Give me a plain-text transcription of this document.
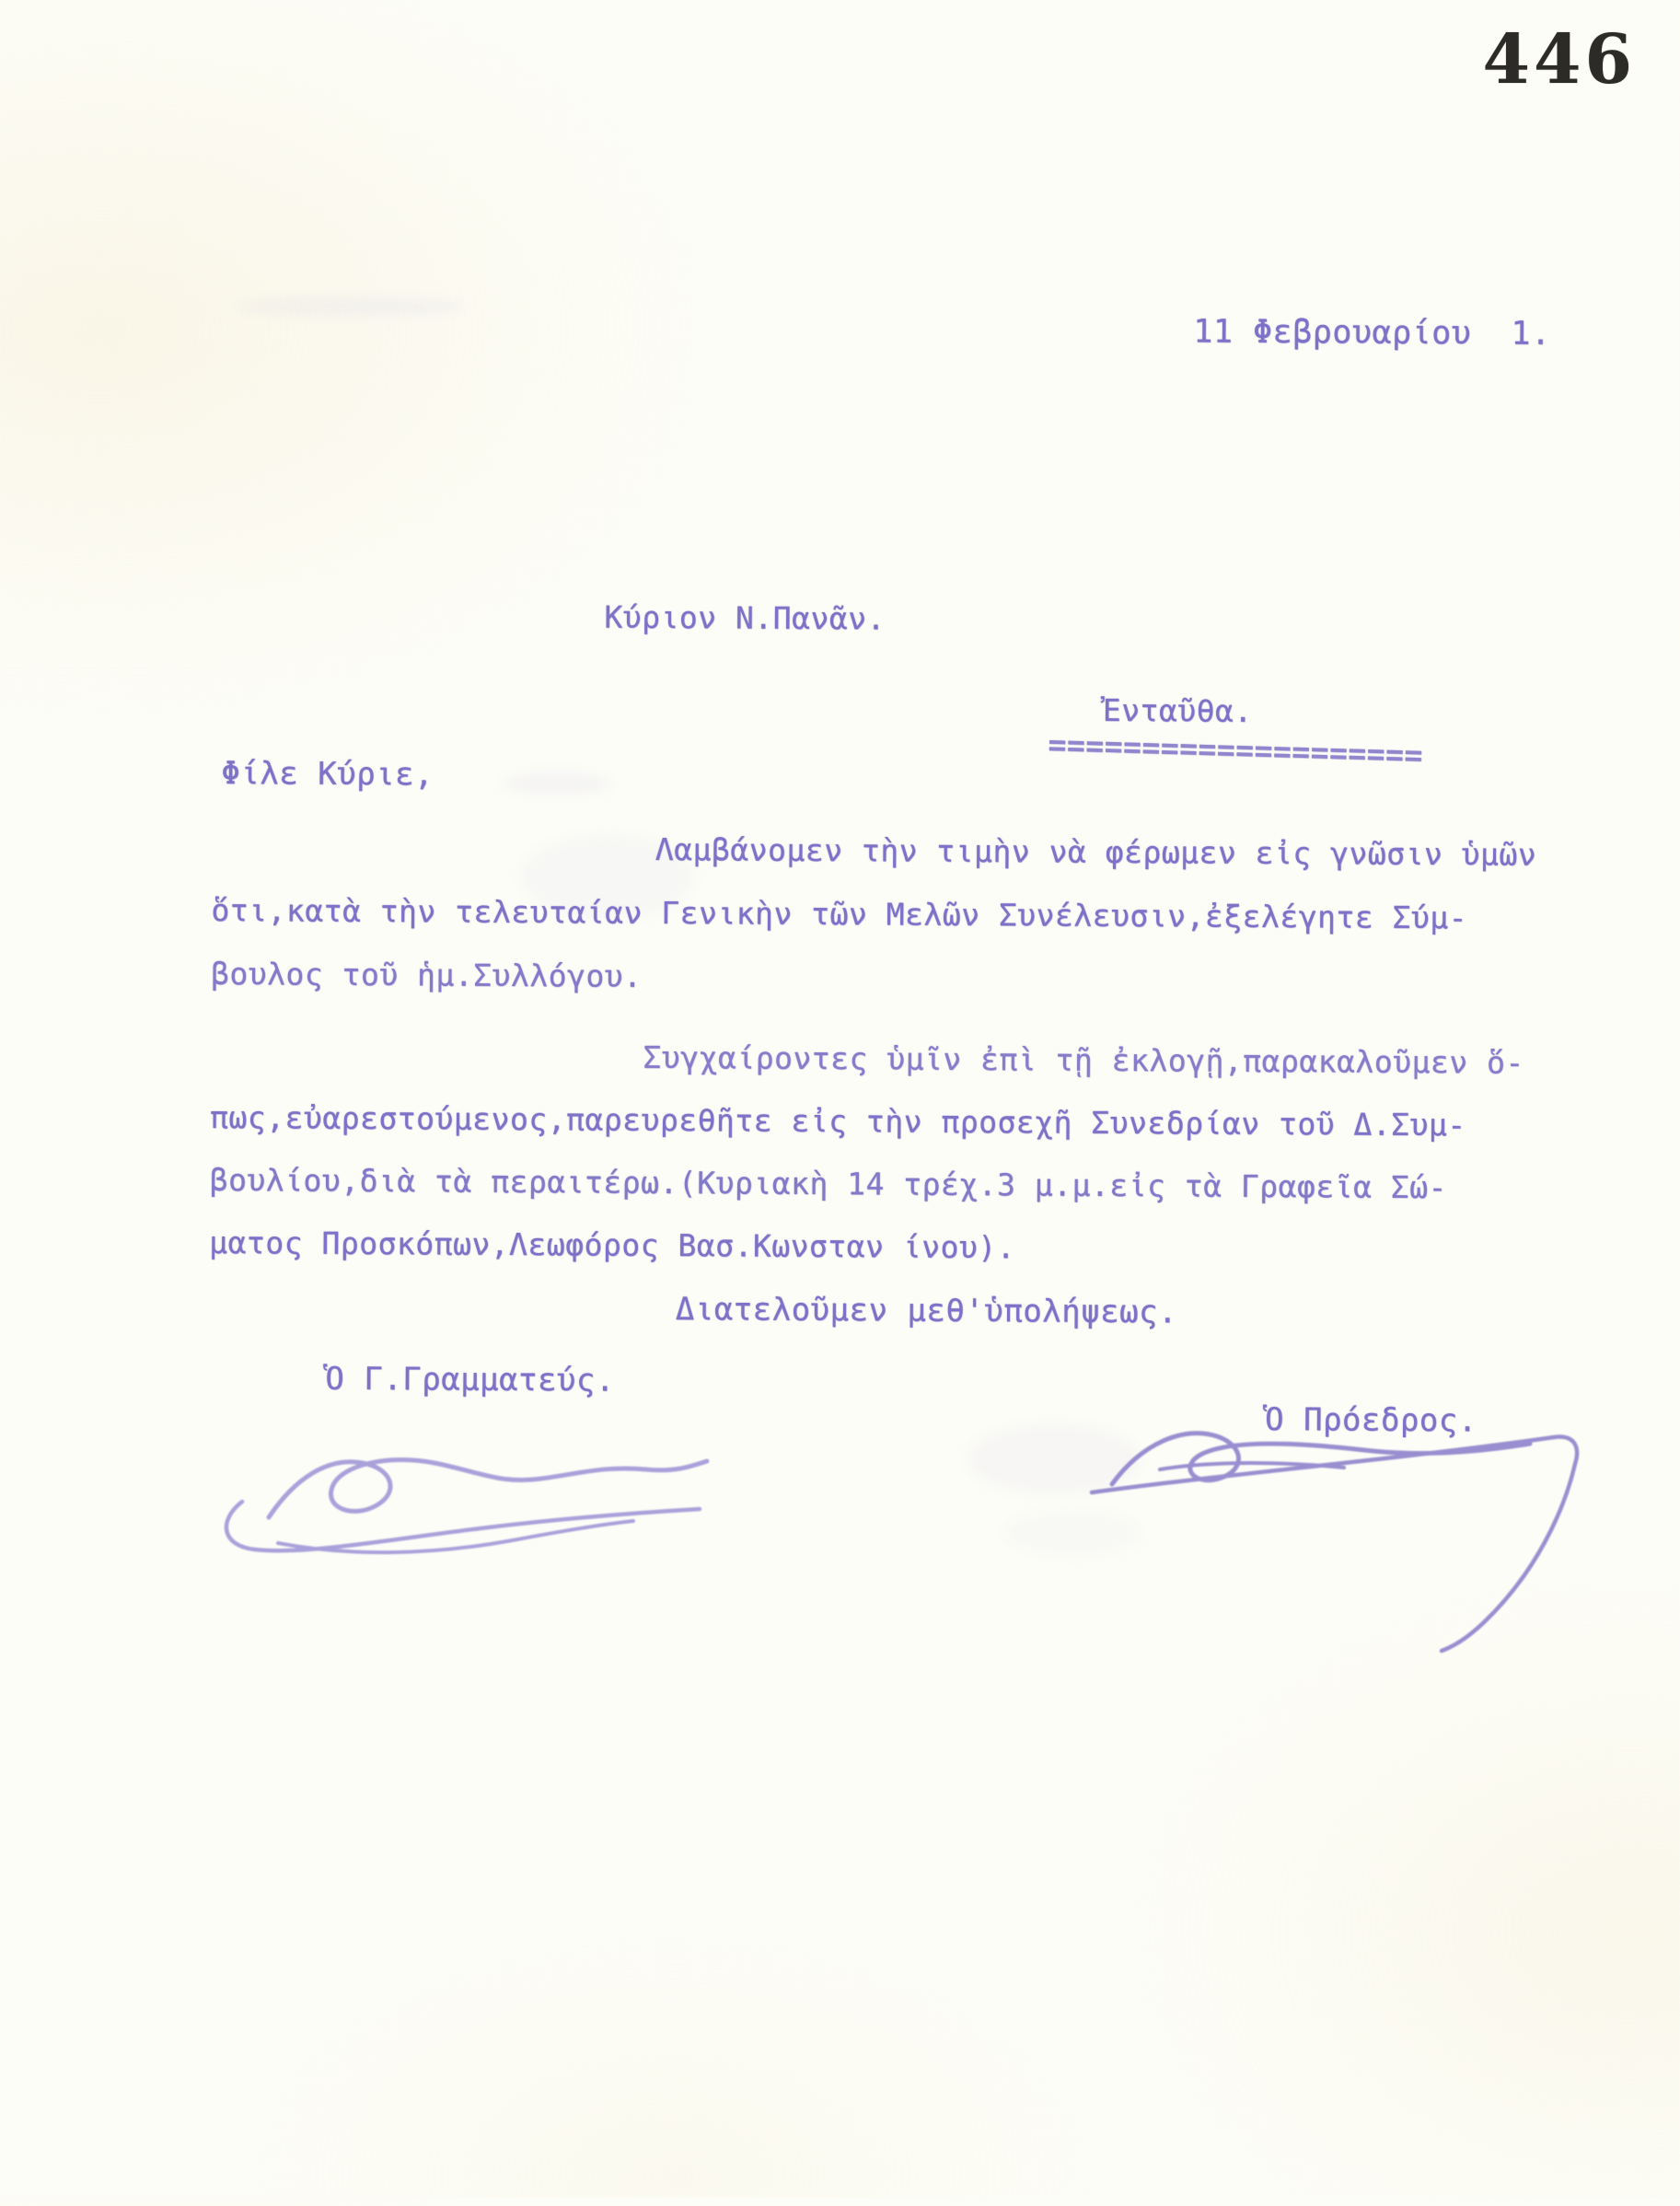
446
11 Φεβρουαρίου  1.
Κύριον Ν.Πανᾶν.
Ἐνταῦθα.
====================
Φίλε Κύριε,
Λαμβάνομεν τὴν τιμὴν νὰ φέρωμεν εἰς γνῶσιν ὑμῶν
ὅτι,κατὰ τὴν τελευταίαν Γενικὴν τῶν Μελῶν Συνέλευσιν,ἐξελέγητε Σύμ-
βουλος τοῦ ἡμ.Συλλόγου.
Συγχαίροντες ὑμῖν ἐπὶ τῇ ἐκλογῇ,παρακαλοῦμεν ὅ-
πως,εὐαρεστούμενος,παρευρεθῆτε εἰς τὴν προσεχῆ Συνεδρίαν τοῦ Δ.Συμ-
βουλίου,διὰ τὰ περαιτέρω.(Κυριακὴ 14 τρέχ.3 μ.μ.εἰς τὰ Γραφεῖα Σώ-
ματος Προσκόπων,Λεωφόρος Βασ.Κωνσταν ίνου).
Διατελοῦμεν μεθ'ὑπολήψεως.
Ὁ Γ.Γραμματεύς.
Ὁ Πρόεδρος.
